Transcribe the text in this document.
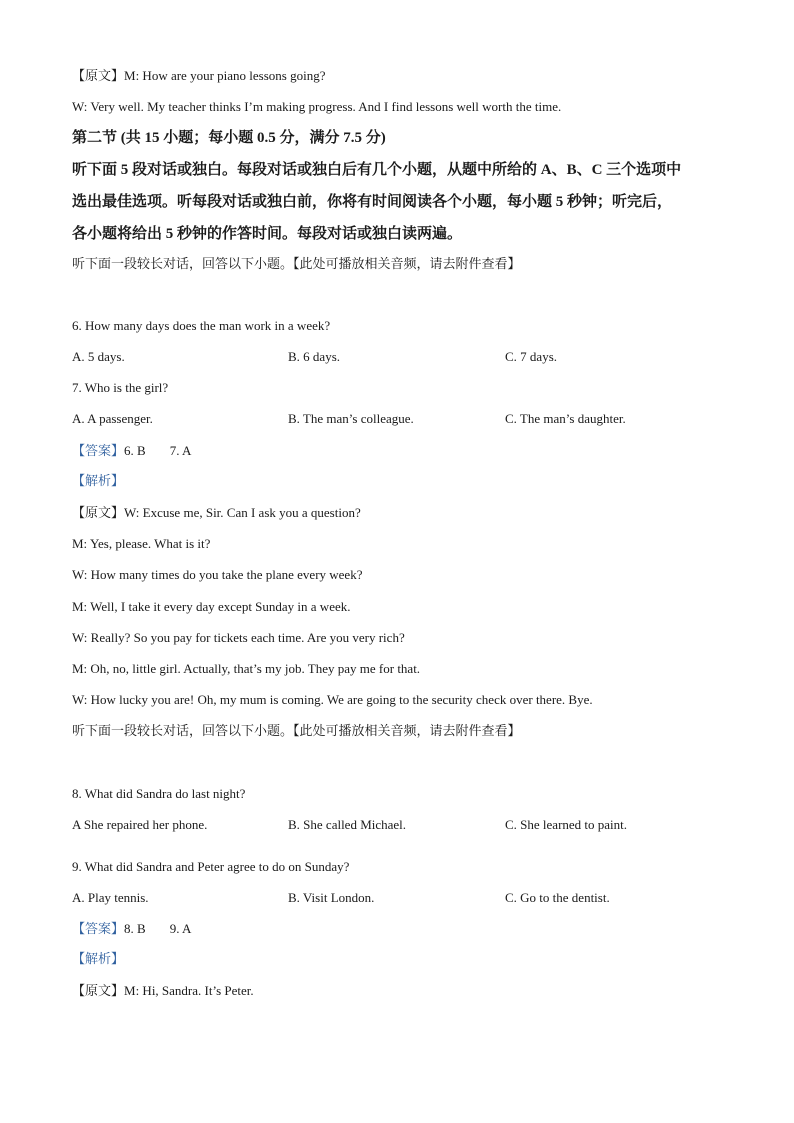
【原文】M: How are your piano lessons going?
W: Very well. My teacher thinks I’m making progress. And I find lessons well worth the time.
第二节 (共 15 小题；每小题 0.5 分，满分 7.5 分)
听下面 5 段对话或独白。每段对话或独白后有几个小题，从题中所给的 A、B、C 三个选项中
选出最佳选项。听每段对话或独白前，你将有时间阅读各个小题，每小题 5 秒钟；听完后，
各小题将给出 5 秒钟的作答时间。每段对话或独白读两遍。
听下面一段较长对话，回答以下小题。【此处可播放相关音频，请去附件查看】
6. How many days does the man work in a week?
A. 5 days.	B. 6 days.	C. 7 days.
7. Who is the girl?
A. A passenger.	B. The man’s colleague.	C. The man’s daughter.
【答案】6. B 7. A
【解析】
【原文】W: Excuse me, Sir. Can I ask you a question?
M: Yes, please. What is it?
W: How many times do you take the plane every week?
M: Well, I take it every day except Sunday in a week.
W: Really? So you pay for tickets each time. Are you very rich?
M: Oh, no, little girl. Actually, that’s my job. They pay me for that.
W: How lucky you are! Oh, my mum is coming. We are going to the security check over there. Bye.
听下面一段较长对话，回答以下小题。【此处可播放相关音频，请去附件查看】
8. What did Sandra do last night?
A She repaired her phone.	B. She called Michael.	C. She learned to paint.
9. What did Sandra and Peter agree to do on Sunday?
A. Play tennis.	B. Visit London.	C. Go to the dentist.
【答案】8. B 9. A
【解析】
【原文】M: Hi, Sandra. It’s Peter.
